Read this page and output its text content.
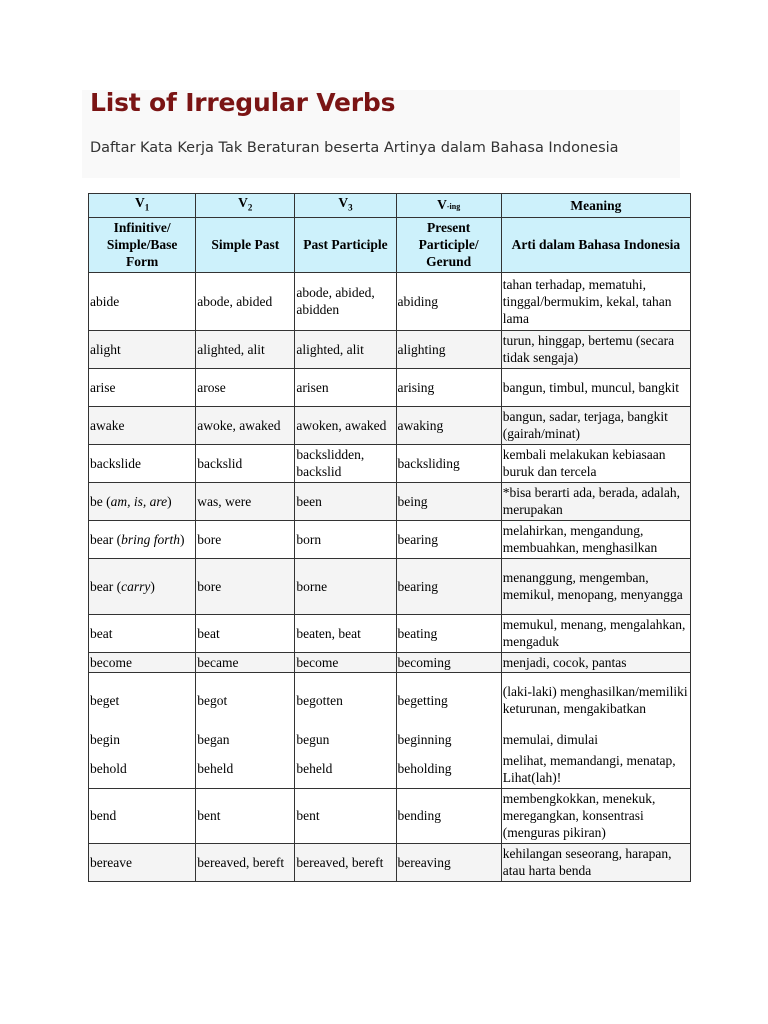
List of Irregular Verbs
Daftar Kata Kerja Tak Beraturan beserta Artinya dalam Bahasa Indonesia
$V_1$	$V_2$	$V_3$	V-ing	Meaning
Infinitive/ Simple/Base Form	Simple Past	Past Participle	Present Participle/ Gerund	Arti dalam Bahasa Indonesia
abide	abode, abided	abode, abided, abidden	abiding	tahan terhadap, mematuhi, tinggal/bermukim, kekal, tahan lama
alight	alighted, alit	alighted, alit	alighting	turun, hinggap, bertemu (secara tidak sengaja)
arise	arose	arisen	arising	bangun, timbul, muncul, bangkit
awake	awoke, awaked	awoken, awaked	awaking	bangun, sadar, terjaga, bangkit (gairah/minat)
backslide	backslid	backslidden, backslid	backsliding	kembali melakukan kebiasaan buruk dan tercela
be (am, is, are)	was, were	been	being	*bisa berarti ada, berada, adalah, merupakan
bear (bring forth)	bore	born	bearing	melahirkan, mengandung, membuahkan, menghasilkan
bear (carry)	bore	borne	bearing	menanggung, mengemban, memikul, menopang, menyangga
beat	beat	beaten, beat	beating	memukul, menang, mengalahkan, mengaduk
become	became	become	becoming	menjadi, cocok, pantas
beget	begot	begotten	begetting	(laki-laki) menghasilkan/memiliki keturunan, mengakibatkan
begin	began	begun	beginning	memulai, dimulai
behold	beheld	beheld	beholding	melihat, memandangi, menatap, Lihat(lah)!
bend	bent	bent	bending	membengkokkan, menekuk, meregangkan, konsentrasi (menguras pikiran)
bereave	bereaved, bereft	bereaved, bereft	bereaving	kehilangan seseorang, harapan, atau harta benda
